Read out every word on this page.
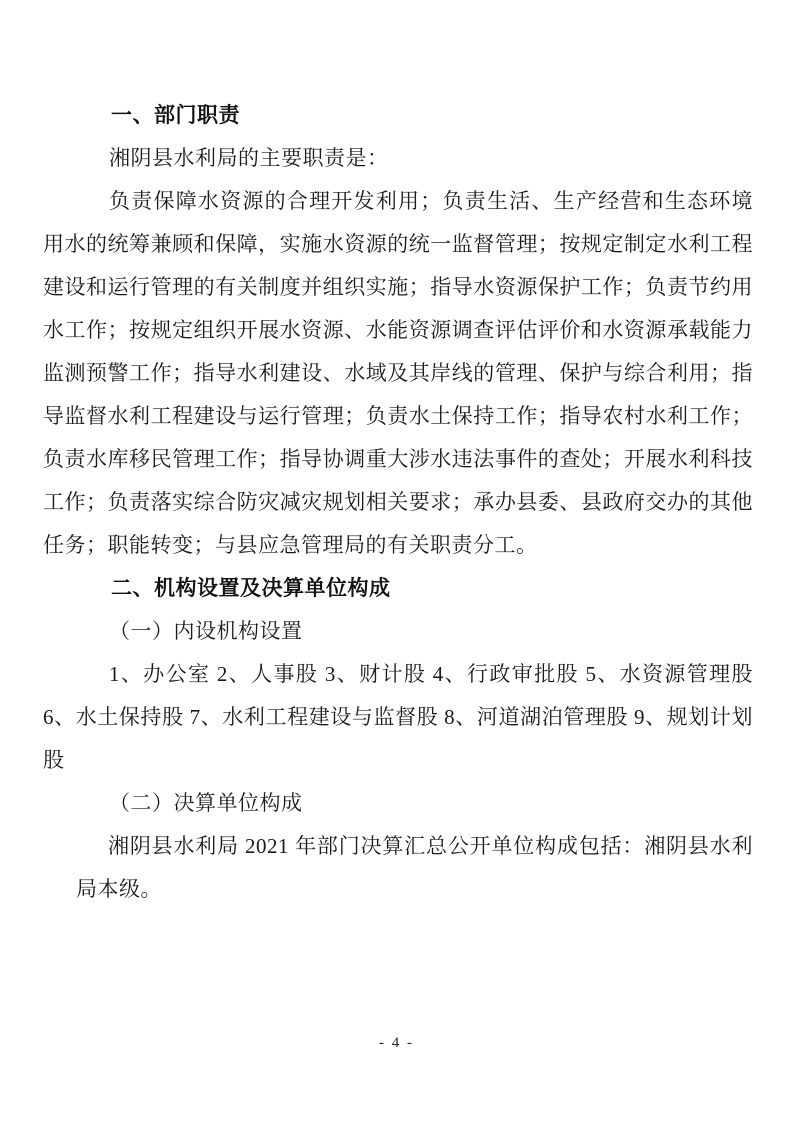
一、部门职责

湘阴县水利局的主要职责是：

负责保障水资源的合理开发利用；负责生活、生产经营和生态环境用水的统筹兼顾和保障，实施水资源的统一监督管理；按规定制定水利工程建设和运行管理的有关制度并组织实施；指导水资源保护工作；负责节约用水工作；按规定组织开展水资源、水能资源调查评估评价和水资源承载能力监测预警工作；指导水利建设、水域及其岸线的管理、保护与综合利用；指导监督水利工程建设与运行管理；负责水土保持工作；指导农村水利工作；负责水库移民管理工作；指导协调重大涉水违法事件的查处；开展水利科技工作；负责落实综合防灾减灾规划相关要求；承办县委、县政府交办的其他任务；职能转变；与县应急管理局的有关职责分工。

二、机构设置及决算单位构成

（一）内设机构设置

1、办公室 2、人事股 3、财计股 4、行政审批股 5、水资源管理股 6、水土保持股 7、水利工程建设与监督股 8、河道湖泊管理股 9、规划计划股

（二）决算单位构成

湘阴县水利局 2021 年部门决算汇总公开单位构成包括：湘阴县水利局本级。

- 4 -
